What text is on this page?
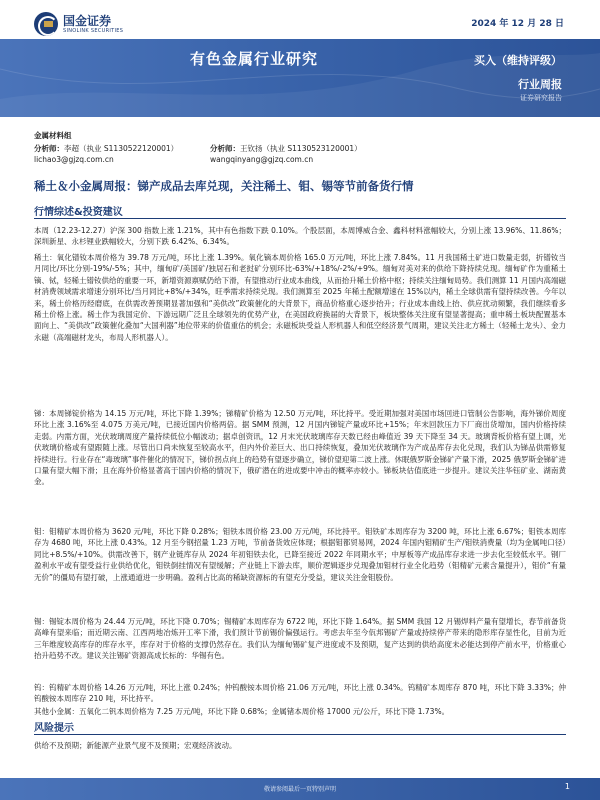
国金证券
SINOLINK SECURITIES
2024 年 12 月 28 日
有色金属行业研究	买入（维持评级）
行业周报
证券研究报告
金属材料组
分析师：李超（执业 S1130522120001）
lichao3@gjzq.com.cn
分析师：王钦扬（执业 S1130523120001）
wangqinyang@gjzq.com.cn
稀土＆小金属周报：锑产成品去库兑现，关注稀土、钼、锡等节前备货行情
行情综述&投资建议
本周（12.23-12.27）沪深 300 指数上涨 1.21%，其中有色指数下跌 0.10%。个股层面，本周博威合金、鑫科材料涨幅较大，分别上涨 13.96%、11.86%；深圳新星、永杉锂业跌幅较大，分别下跌 6.42%、6.34%。
稀土：氧化镨钕本周价格为 39.78 万元/吨，环比上涨 1.39%。氧化镝本周价格 165.0 万元/吨，环比上涨 7.84%。11 月我国稀土矿进口数量走弱，折镨钕当月同比/环比分别-19%/-5%；其中，缅甸矿/美国矿/独居石和老挝矿分别环比-63%/+18%/-2%/+9%。缅甸对美对来的供给下降持续兑现。缅甸矿作为重稀土镝、铽，轻稀土镨钕供给的重要一环，新增资源禀赋仍给下滑，有望推动行业成本曲线，从而抬升稀土价格中枢；持续关注缅甸局势。我们测算 11 月国内高端磁材消费领域需求增速分别环比/当月同比+8%/+34%，旺季需求持续兑现。我们测算至 2025 年稀土配额增速在 15%以内，稀土全球供需有望持续改善。今年以来，稀土价格历经磨底，在供需改善预期显著加强和“美供改”政策催化的大背景下，商品价格重心逐步抬升；行业成本曲线上抬、供应扰动频繁，我们继续看多稀土价格上涨。稀土作为我国定价、下游远期广泛且全球领先的优势产业，在美国政府换届的大背景下，板块整体关注度有望显著提高；重申稀土板块配置基本面向上、“美供改”政策催化叠加“大国利器”地位带来的价值重估的机会；永磁板块受益人形机器人和低空经济景气周期，建议关注北方稀土（轻稀土龙头）、金力永磁（高端磁材龙头，布局人形机器人）。
锑：本周锑锭价格为 14.15 万元/吨，环比下降 1.39%；锑精矿价格为 12.50 万元/吨，环比持平。受近期加强对美国市场回进口管制公告影响，海外锑价周度环比上涨 3.16%至 4.075 万美元/吨，已接近国内价格两倍。据 SMM 预测，12 月国内锑锭产量或环比+15%；年末回款压力下厂商出货增加，国内价格持续走弱。内需方面，光伏玻璃周度产量持续低位小幅波动；据卓创资讯，12 月末光伏玻璃库存天数已经由峰值近 39 天下降至 34 天。玻璃背板价格有望上调，光伏玻璃价格或有望跟随上涨。尽管出口尚未恢复至较高水平，但内外价差巨大、出口持续恢复，叠加光伏玻璃作为产成品库存去化兑现，我们认为锑品供需修复持续进行。行业存在“毒玻璃”事件催化的情况下，锑价拐点向上的趋势有望逐步确立，锑价望迎第二波上涨。休眠俄罗斯金锑矿产量下滑，2025 俄罗斯金锑矿进口量有望大幅下滑；且在海外价格显著高于国内价格的情况下，俄矿潜在的进成要中冲击的概率亦较小。锑板块估值底进一步提升。建议关注华钰矿业、湖南黄金。
钼：钼精矿本周价格为 3620 元/吨，环比下降 0.28%；钼铁本周价格 23.00 万元/吨，环比持平。钼铁矿本周库存为 3200 吨，环比上涨 6.67%；钼铁本周库存为 4680 吨，环比上涨 0.43%。12 月至今钢招量 1.23 万吨，节前备货效应体现；根据钼都贸易网，2024 年国内钼精矿生产/钼铁消费量（均为金属吨口径）同比+8.5%/+10%。供需改善下，钢产业链库存从 2024 年初钼铁去化，已降至接近 2022 年同期水平；中厚板等产成品库存求进一步去化至较低水平。钢厂盈利水平或有望受益行业供给优化，钼铁倒挂情况有望缓解；产业链上下游去库，顺价逻辑逐步兑现叠加钼材行业全化趋势（钼精矿元素含量提升），钼价“有量无价”的僵局有望打破，上涨通道进一步明确。盈利占比高的稀缺资源标的有望充分受益，建议关注金钼股份。
锡：锡锭本周价格为 24.44 万元/吨，环比下降 0.70%；锡精矿本周库存为 6722 吨，环比下降 1.64%。据 SMM 我国 12 月锡焊料产量有望增长，春节前备货高峰有望来临；而近期云南、江西两地冶炼开工率下滑，我们预计节前锡价偏强运行。考虑去年至今佤邦锡矿产量或持续停产带来的隐形库存显性化，目前为近三年维度较高库存的库存水平，库存对于价格的支撑仍然存在。我们认为缅甸锡矿复产进度或不及预期，复产达到的供给高度未必能达到停产前水平，价格重心抬升趋势不改。建议关注锡矿资源高成长标的：华锡有色。
钨：钨精矿本周价格 14.26 万元/吨，环比上涨 0.24%；仲钨酸铵本周价格 21.06 万元/吨，环比上涨 0.34%。钨精矿本周库存 870 吨，环比下降 3.33%；仲钨酸铵本周库存 210 吨，环比持平。
其他小金属：五氧化二钒本周价格为 7.25 万元/吨，环比下降 0.68%；金属锗本周价格 17000 元/公斤，环比下降 1.73%。
风险提示
供给不及预期；新能源产业景气度不及预期；宏观经济波动。
敬请参阅最后一页特别声明	1
